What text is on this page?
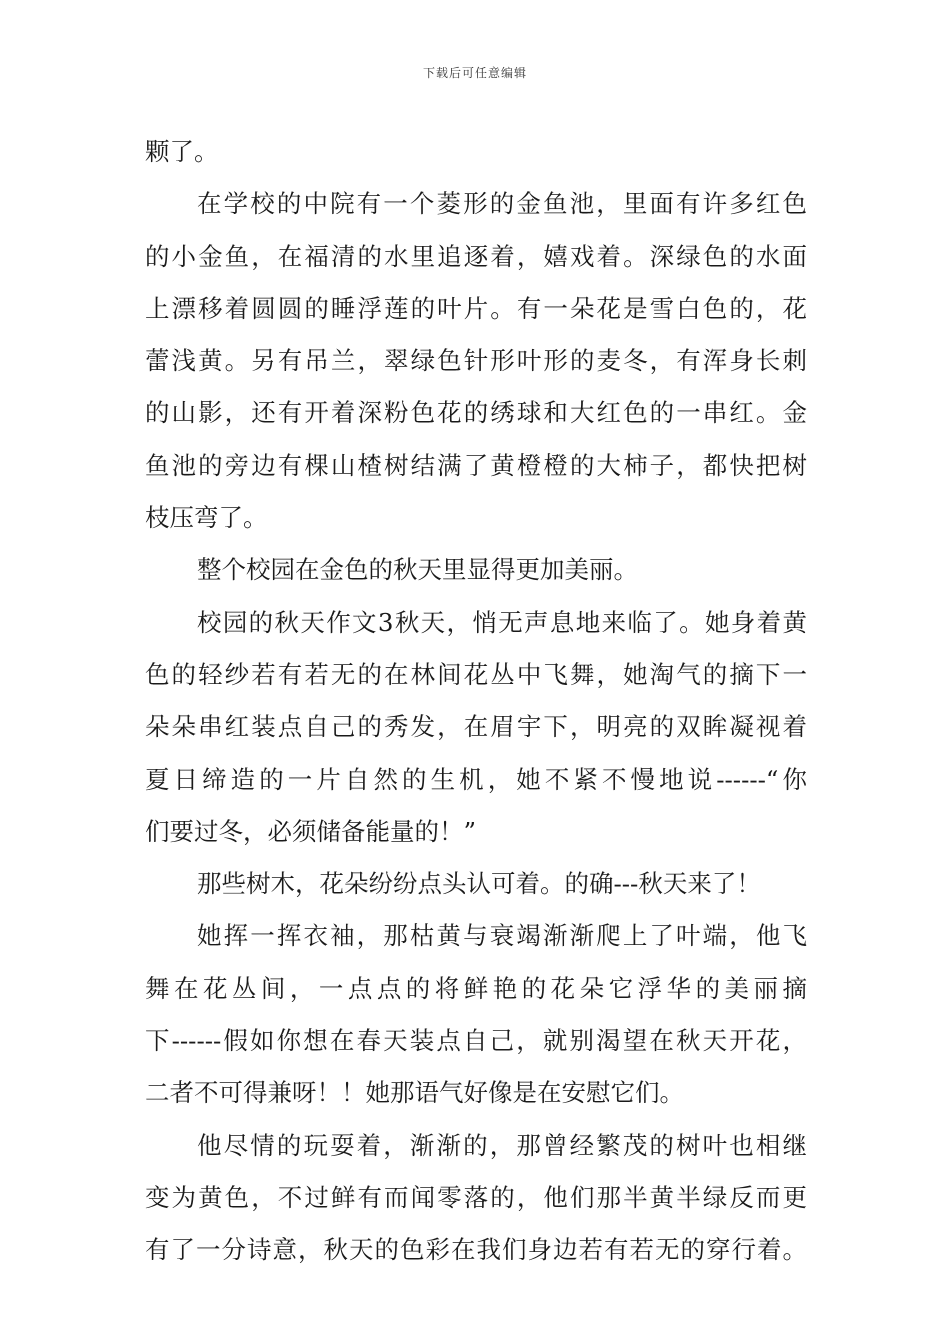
下载后可任意编辑
颗了。
在学校的中院有一个菱形的金鱼池，里面有许多红色
的小金鱼，在福清的水里追逐着，嬉戏着。深绿色的水面
上漂移着圆圆的睡浮莲的叶片。有一朵花是雪白色的，花
蕾浅黄。另有吊兰，翠绿色针形叶形的麦冬，有浑身长刺
的山影，还有开着深粉色花的绣球和大红色的一串红。金
鱼池的旁边有棵山楂树结满了黄橙橙的大柿子，都快把树
枝压弯了。
整个校园在金色的秋天里显得更加美丽。
校园的秋天作文3秋天，悄无声息地来临了。她身着黄
色的轻纱若有若无的在林间花丛中飞舞，她淘气的摘下一
朵朵串红装点自己的秀发，在眉宇下，明亮的双眸凝视着
夏日缔造的一片自然的生机，她不紧不慢地说------“你
们要过冬，必须储备能量的！”
那些树木，花朵纷纷点头认可着。的确---秋天来了！
她挥一挥衣袖，那枯黄与衰竭渐渐爬上了叶端，他飞
舞在花丛间，一点点的将鲜艳的花朵它浮华的美丽摘
下------假如你想在春天装点自己，就别渴望在秋天开花，
二者不可得兼呀！！她那语气好像是在安慰它们。
他尽情的玩耍着，渐渐的，那曾经繁茂的树叶也相继
变为黄色，不过鲜有而闻零落的，他们那半黄半绿反而更
有了一分诗意，秋天的色彩在我们身边若有若无的穿行着。
